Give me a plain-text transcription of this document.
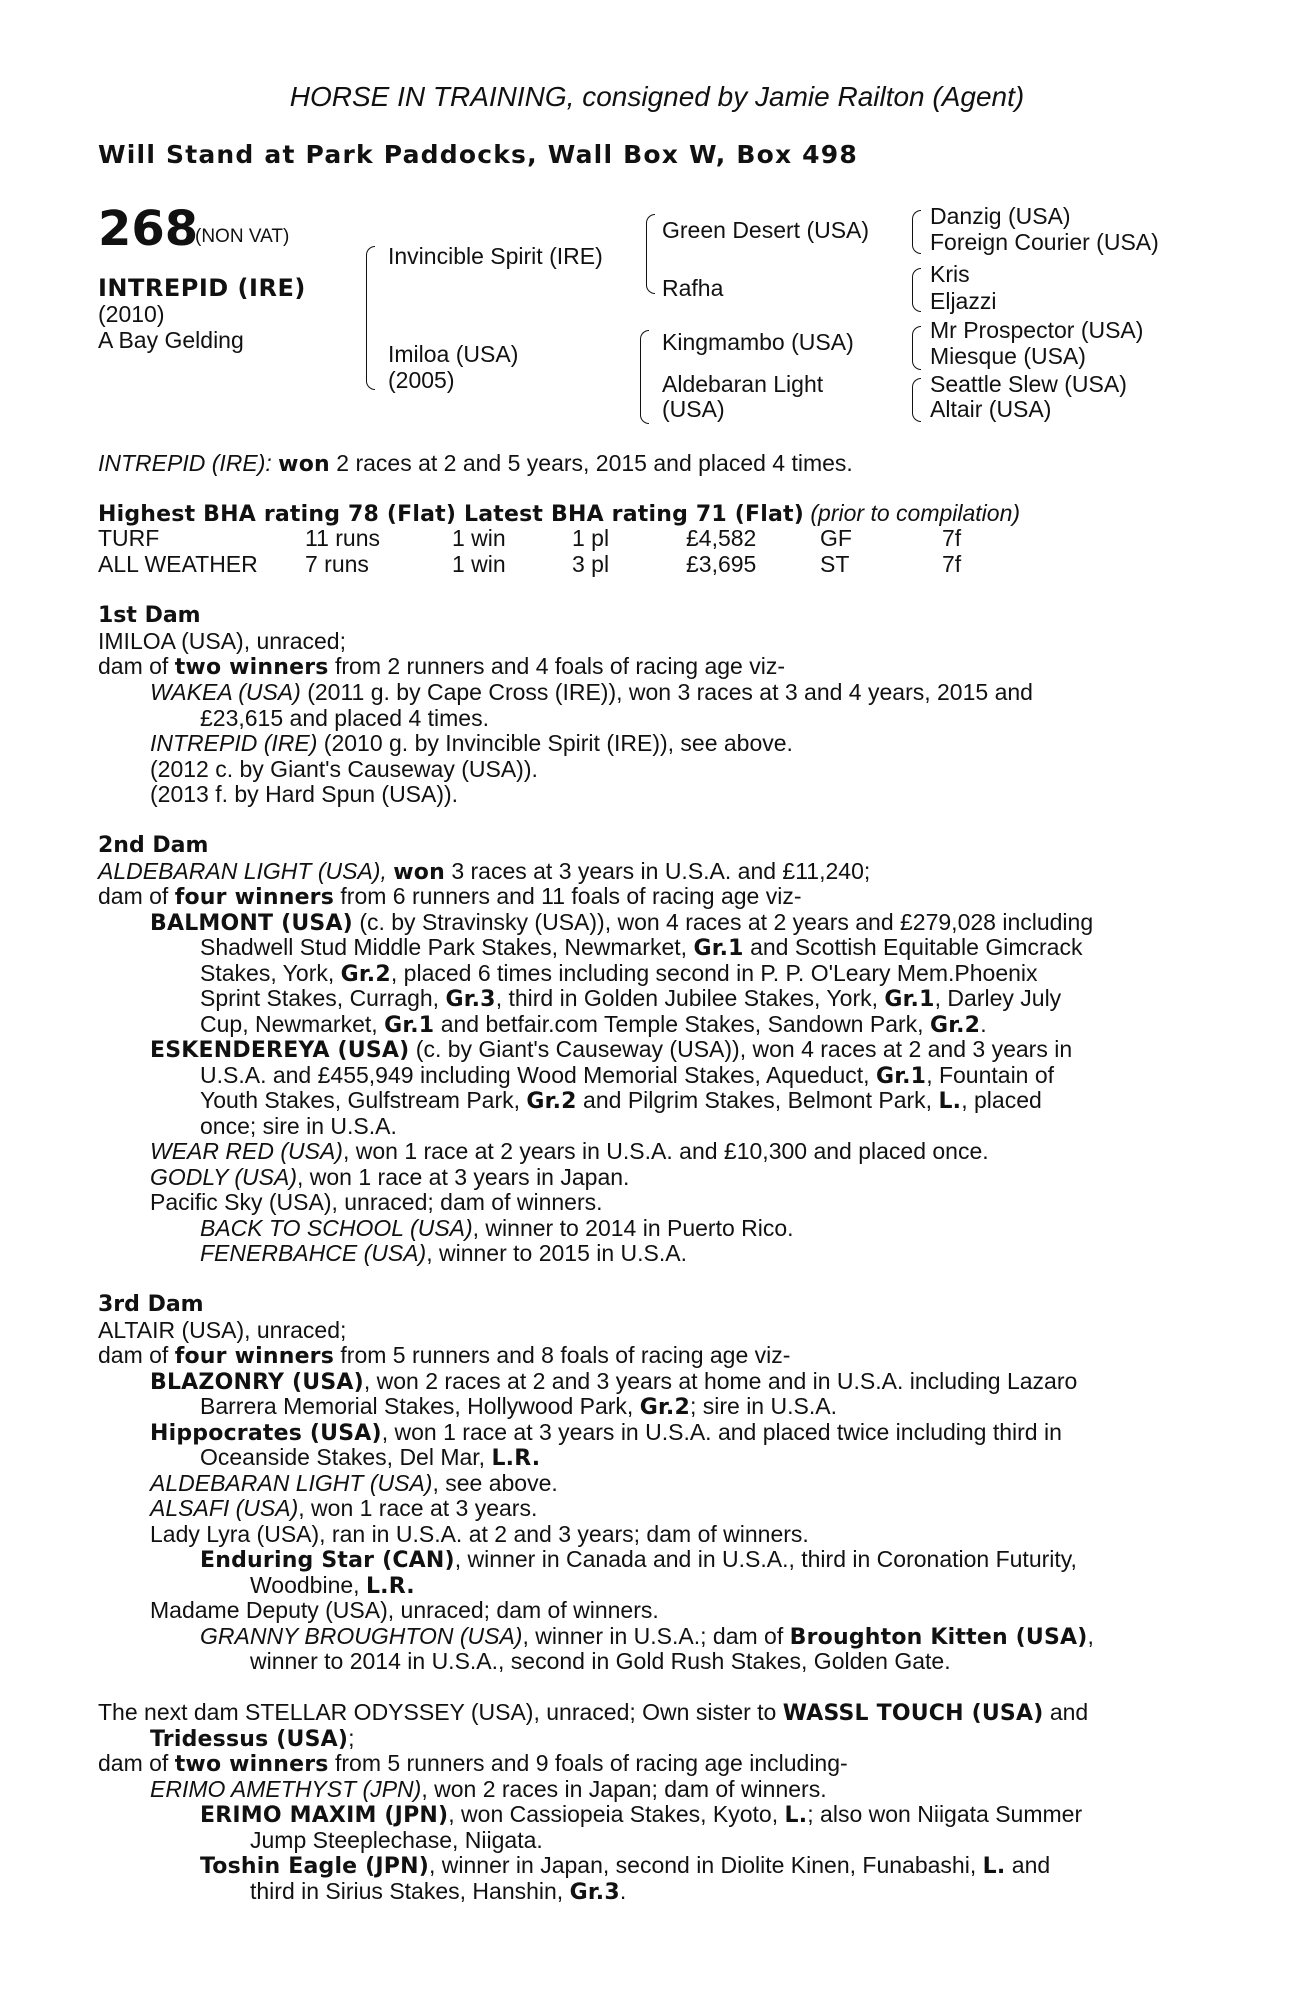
HORSE IN TRAINING, consigned by Jamie Railton (Agent)
Will Stand at Park Paddocks, Wall Box W, Box 498
268
(NON VAT)
INTREPID (IRE)
(2010)
A Bay Gelding
Invincible Spirit (IRE)
Imiloa (USA)
(2005)
Green Desert (USA)
Rafha
Kingmambo (USA)
Aldebaran Light
(USA)
Danzig (USA)
Foreign Courier (USA)
Kris
Eljazzi
Mr Prospector (USA)
Miesque (USA)
Seattle Slew (USA)
Altair (USA)
INTREPID (IRE): won 2 races at 2 and 5 years, 2015 and placed 4 times.
Highest BHA rating 78 (Flat) Latest BHA rating 71 (Flat) (prior to compilation)
TURF	11 runs	1 win	1 pl	£4,582	GF	7f
ALL WEATHER 7 runs	1 win	3 pl	£3,695	ST	7f
1st Dam
IMILOA (USA), unraced;
dam of two winners from 2 runners and 4 foals of racing age viz-
WAKEA (USA) (2011 g. by Cape Cross (IRE)), won 3 races at 3 and 4 years, 2015 and
£23,615 and placed 4 times.
INTREPID (IRE) (2010 g. by Invincible Spirit (IRE)), see above.
(2012 c. by Giant's Causeway (USA)).
(2013 f. by Hard Spun (USA)).
2nd Dam
ALDEBARAN LIGHT (USA), won 3 races at 3 years in U.S.A. and £11,240;
dam of four winners from 6 runners and 11 foals of racing age viz-
BALMONT (USA) (c. by Stravinsky (USA)), won 4 races at 2 years and £279,028 including
Shadwell Stud Middle Park Stakes, Newmarket, Gr.1 and Scottish Equitable Gimcrack
Stakes, York, Gr.2, placed 6 times including second in P. P. O'Leary Mem.Phoenix
Sprint Stakes, Curragh, Gr.3, third in Golden Jubilee Stakes, York, Gr.1, Darley July
Cup, Newmarket, Gr.1 and betfair.com Temple Stakes, Sandown Park, Gr.2.
ESKENDEREYA (USA) (c. by Giant's Causeway (USA)), won 4 races at 2 and 3 years in
U.S.A. and £455,949 including Wood Memorial Stakes, Aqueduct, Gr.1, Fountain of
Youth Stakes, Gulfstream Park, Gr.2 and Pilgrim Stakes, Belmont Park, L., placed
once; sire in U.S.A.
WEAR RED (USA), won 1 race at 2 years in U.S.A. and £10,300 and placed once.
GODLY (USA), won 1 race at 3 years in Japan.
Pacific Sky (USA), unraced; dam of winners.
BACK TO SCHOOL (USA), winner to 2014 in Puerto Rico.
FENERBAHCE (USA), winner to 2015 in U.S.A.
3rd Dam
ALTAIR (USA), unraced;
dam of four winners from 5 runners and 8 foals of racing age viz-
BLAZONRY (USA), won 2 races at 2 and 3 years at home and in U.S.A. including Lazaro
Barrera Memorial Stakes, Hollywood Park, Gr.2; sire in U.S.A.
Hippocrates (USA), won 1 race at 3 years in U.S.A. and placed twice including third in
Oceanside Stakes, Del Mar, L.R.
ALDEBARAN LIGHT (USA), see above.
ALSAFI (USA), won 1 race at 3 years.
Lady Lyra (USA), ran in U.S.A. at 2 and 3 years; dam of winners.
Enduring Star (CAN), winner in Canada and in U.S.A., third in Coronation Futurity,
Woodbine, L.R.
Madame Deputy (USA), unraced; dam of winners.
GRANNY BROUGHTON (USA), winner in U.S.A.; dam of Broughton Kitten (USA),
winner to 2014 in U.S.A., second in Gold Rush Stakes, Golden Gate.
The next dam STELLAR ODYSSEY (USA), unraced; Own sister to WASSL TOUCH (USA) and
Tridessus (USA);
dam of two winners from 5 runners and 9 foals of racing age including-
ERIMO AMETHYST (JPN), won 2 races in Japan; dam of winners.
ERIMO MAXIM (JPN), won Cassiopeia Stakes, Kyoto, L.; also won Niigata Summer
Jump Steeplechase, Niigata.
Toshin Eagle (JPN), winner in Japan, second in Diolite Kinen, Funabashi, L. and
third in Sirius Stakes, Hanshin, Gr.3.
